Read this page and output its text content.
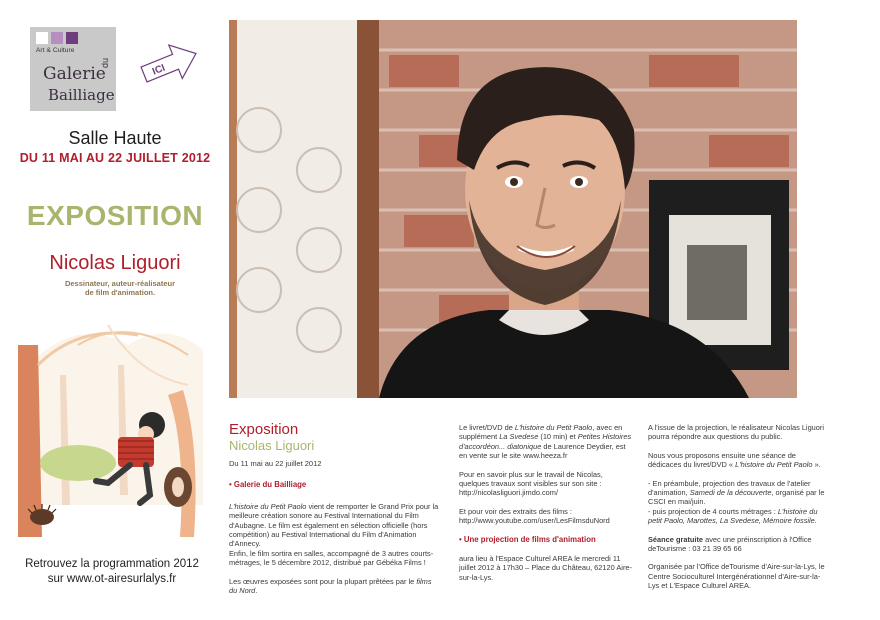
Art & Culture
Galerie
du
Bailliage
ICI
Salle Haute
DU 11 MAI AU 22 JUILLET 2012
EXPOSITION
Nicolas Liguori
Dessinateur, auteur-réalisateur
de film d'animation.
Retrouvez la programmation 2012
sur www.ot-airesurlalys.fr
Exposition
Nicolas Liguori
Du 11 mai au 22 juillet 2012
• Galerie du Bailliage

L'histoire du Petit Paolo vient de remporter le Grand Prix pour la meilleure création sonore au Festival International du Film d'Aubagne. Le film est également en sélection officielle (hors compétition) au Festival International du Film d'Animation d'Annecy.
Enfin, le film sortira en salles, accompagné de 3 autres courts-métrages, le 5 décembre 2012, distribué par Gébéka Films !

Les œuvres exposées sont pour la plupart prêtées par le films du Nord.

Le livret/DVD de L'histoire du Petit Paolo, avec en supplément La Svedese (10 min) et Petites Histoires d'accordéon... diatonique de Laurence Deydier, est en vente sur le site www.heeza.fr

Pour en savoir plus sur le travail de Nicolas, quelques travaux sont visibles sur son site : http://nicolasliguori.jimdo.com/

Et pour voir des extraits des films : http://www.youtube.com/user/LesFilmsduNord

• Une projection de films d'animation

aura lieu à l'Espace Culturel AREA le mercredi 11 juillet 2012 à 17h30 – Place du Château, 62120 Aire-sur-la-Lys.

A l'issue de la projection, le réalisateur Nicolas Liguori pourra répondre aux questions du public.

Nous vous proposons ensuite une séance de dédicaces du livret/DVD « L'histoire du Petit Paolo ».

- En préambule, projection des travaux de l'atelier d'animation, Samedi de la découverte, organisé par le CSCI en mai/juin.
- puis projection de 4 courts métrages : L'histoire du petit Paolo, Marottes, La Svedese, Mémoire fossile.

Séance gratuite avec une préinscription à l'Office deTourisme : 03 21 39 65 66

Organisée par l'Office deTourisme d'Aire-sur-la-Lys, le Centre Socioculturel Intergénérationnel d'Aire-sur-la-Lys et L'Espace Culturel AREA.
